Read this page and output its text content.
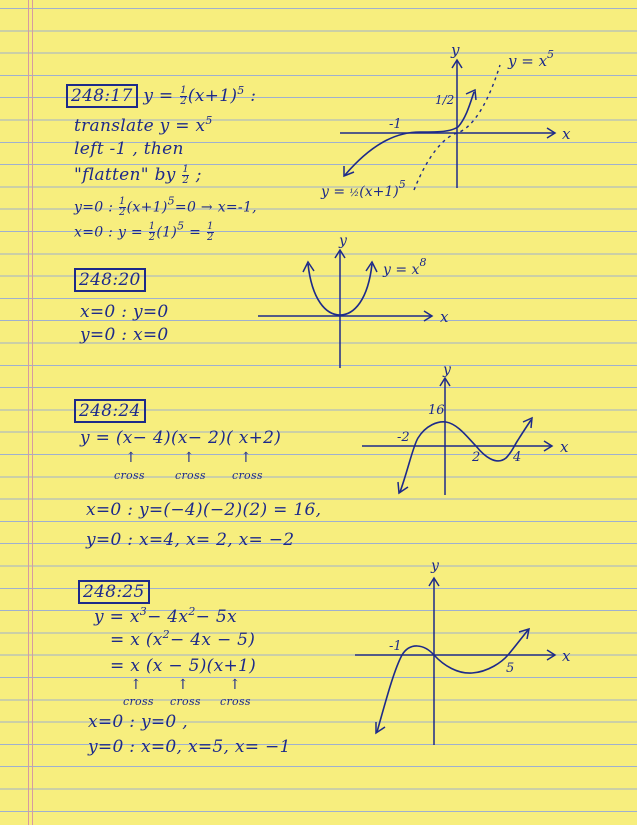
248:17 $y = \frac{1}{2} (x+1)^5$ :
translate $y = x^5$
left -1 , then
"flatten" by $\frac{1}{2}$ ;
y=0 : $\frac{1}{2} (x+1)^5=0 \to x=-1$,
x=0 : $y = \frac{1}{2} (1)^5 = \frac{1}{2}$
x
y
-1
1/2
$y = x^5$
$y = \frac{1}{2}(x+1)^5$
248:20
x=0 : y=0
y=0 : x=0
x
y
$y = x^8$
248:24
y = (x− 4)(x− 2)( x+2)
↑	↑	↑
cross	cross cross
x=0 : y=(−4)(−2)(2) = 16,
y=0 : x=4, x= 2, x= −2
x
y
16
-2
2	4
248:25
$y = x^3- 4x^2- 5x$
= x $(x^2- 4x - 5)$
= x (x − 5)(x+1)
↑ ↑	↑
cross cross cross
x=0 : y=0 ,
y=0 : x=0, x=5, x= −1
x
y
-1
5
